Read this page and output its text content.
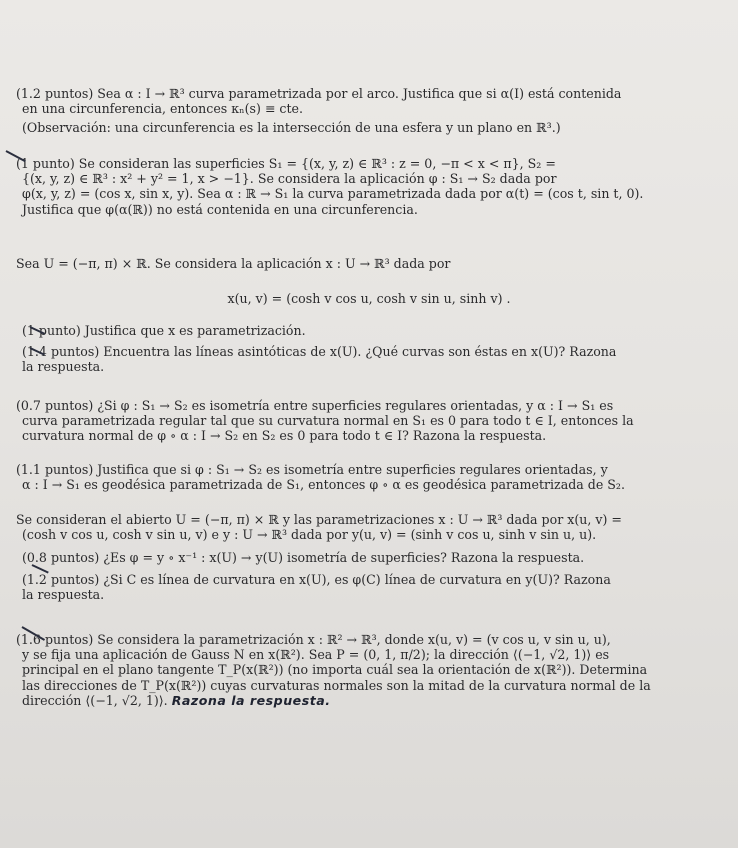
(1.2 puntos) Sea α : I → ℝ³ curva parametrizada por el arco. Justifica que si α(I) está contenida

en una circunferencia, entonces κₙ(s) ≡ cte.

(Observación: una circunferencia es la intersección de una esfera y un plano en ℝ³.)

(1 punto) Se consideran las superficies S₁ = {(x, y, z) ∈ ℝ³ : z = 0, −π < x < π}, S₂ =

{(x, y, z) ∈ ℝ³ : x² + y² = 1, x > −1}. Se considera la aplicación φ : S₁ → S₂ dada por

φ(x, y, z) = (cos x, sin x, y). Sea α : ℝ → S₁ la curva parametrizada dada por α(t) = (cos t, sin t, 0).

Justifica que φ(α(ℝ)) no está contenida en una circunferencia.

Sea U = (−π, π) × ℝ. Se considera la aplicación x : U → ℝ³ dada por

x(u, v) = (cosh v cos u, cosh v sin u, sinh v) .

(1 punto) Justifica que x es parametrización.

(1.4 puntos) Encuentra las líneas asintóticas de x(U). ¿Qué curvas son éstas en x(U)? Razona

la respuesta.

(0.7 puntos) ¿Si φ : S₁ → S₂ es isometría entre superficies regulares orientadas, y α : I → S₁ es

curva parametrizada regular tal que su curvatura normal en S₁ es 0 para todo t ∈ I, entonces la

curvatura normal de φ ∘ α : I → S₂ en S₂ es 0 para todo t ∈ I? Razona la respuesta.

(1.1 puntos) Justifica que si φ : S₁ → S₂ es isometría entre superficies regulares orientadas, y

α : I → S₁ es geodésica parametrizada de S₁, entonces φ ∘ α es geodésica parametrizada de S₂.

Se consideran el abierto U = (−π, π) × ℝ y las parametrizaciones x : U → ℝ³ dada por x(u, v) =

(cosh v cos u, cosh v sin u, v) e y : U → ℝ³ dada por y(u, v) = (sinh v cos u, sinh v sin u, u).

(0.8 puntos) ¿Es φ = y ∘ x⁻¹ : x(U) → y(U) isometría de superficies? Razona la respuesta.

(1.2 puntos) ¿Si C es línea de curvatura en x(U), es φ(C) línea de curvatura en y(U)? Razona

la respuesta.

(1.6 puntos) Se considera la parametrización x : ℝ² → ℝ³, donde x(u, v) = (v cos u, v sin u, u),

y se fija una aplicación de Gauss N en x(ℝ²). Sea P = (0, 1, π/2); la dirección ⟨(−1, √2, 1)⟩ es

principal en el plano tangente T_P(x(ℝ²)) (no importa cuál sea la orientación de x(ℝ²)). Determina

las direcciones de T_P(x(ℝ²)) cuyas curvaturas normales son la mitad de la curvatura normal de la

dirección ⟨(−1, √2, 1)⟩. Razona la respuesta.
